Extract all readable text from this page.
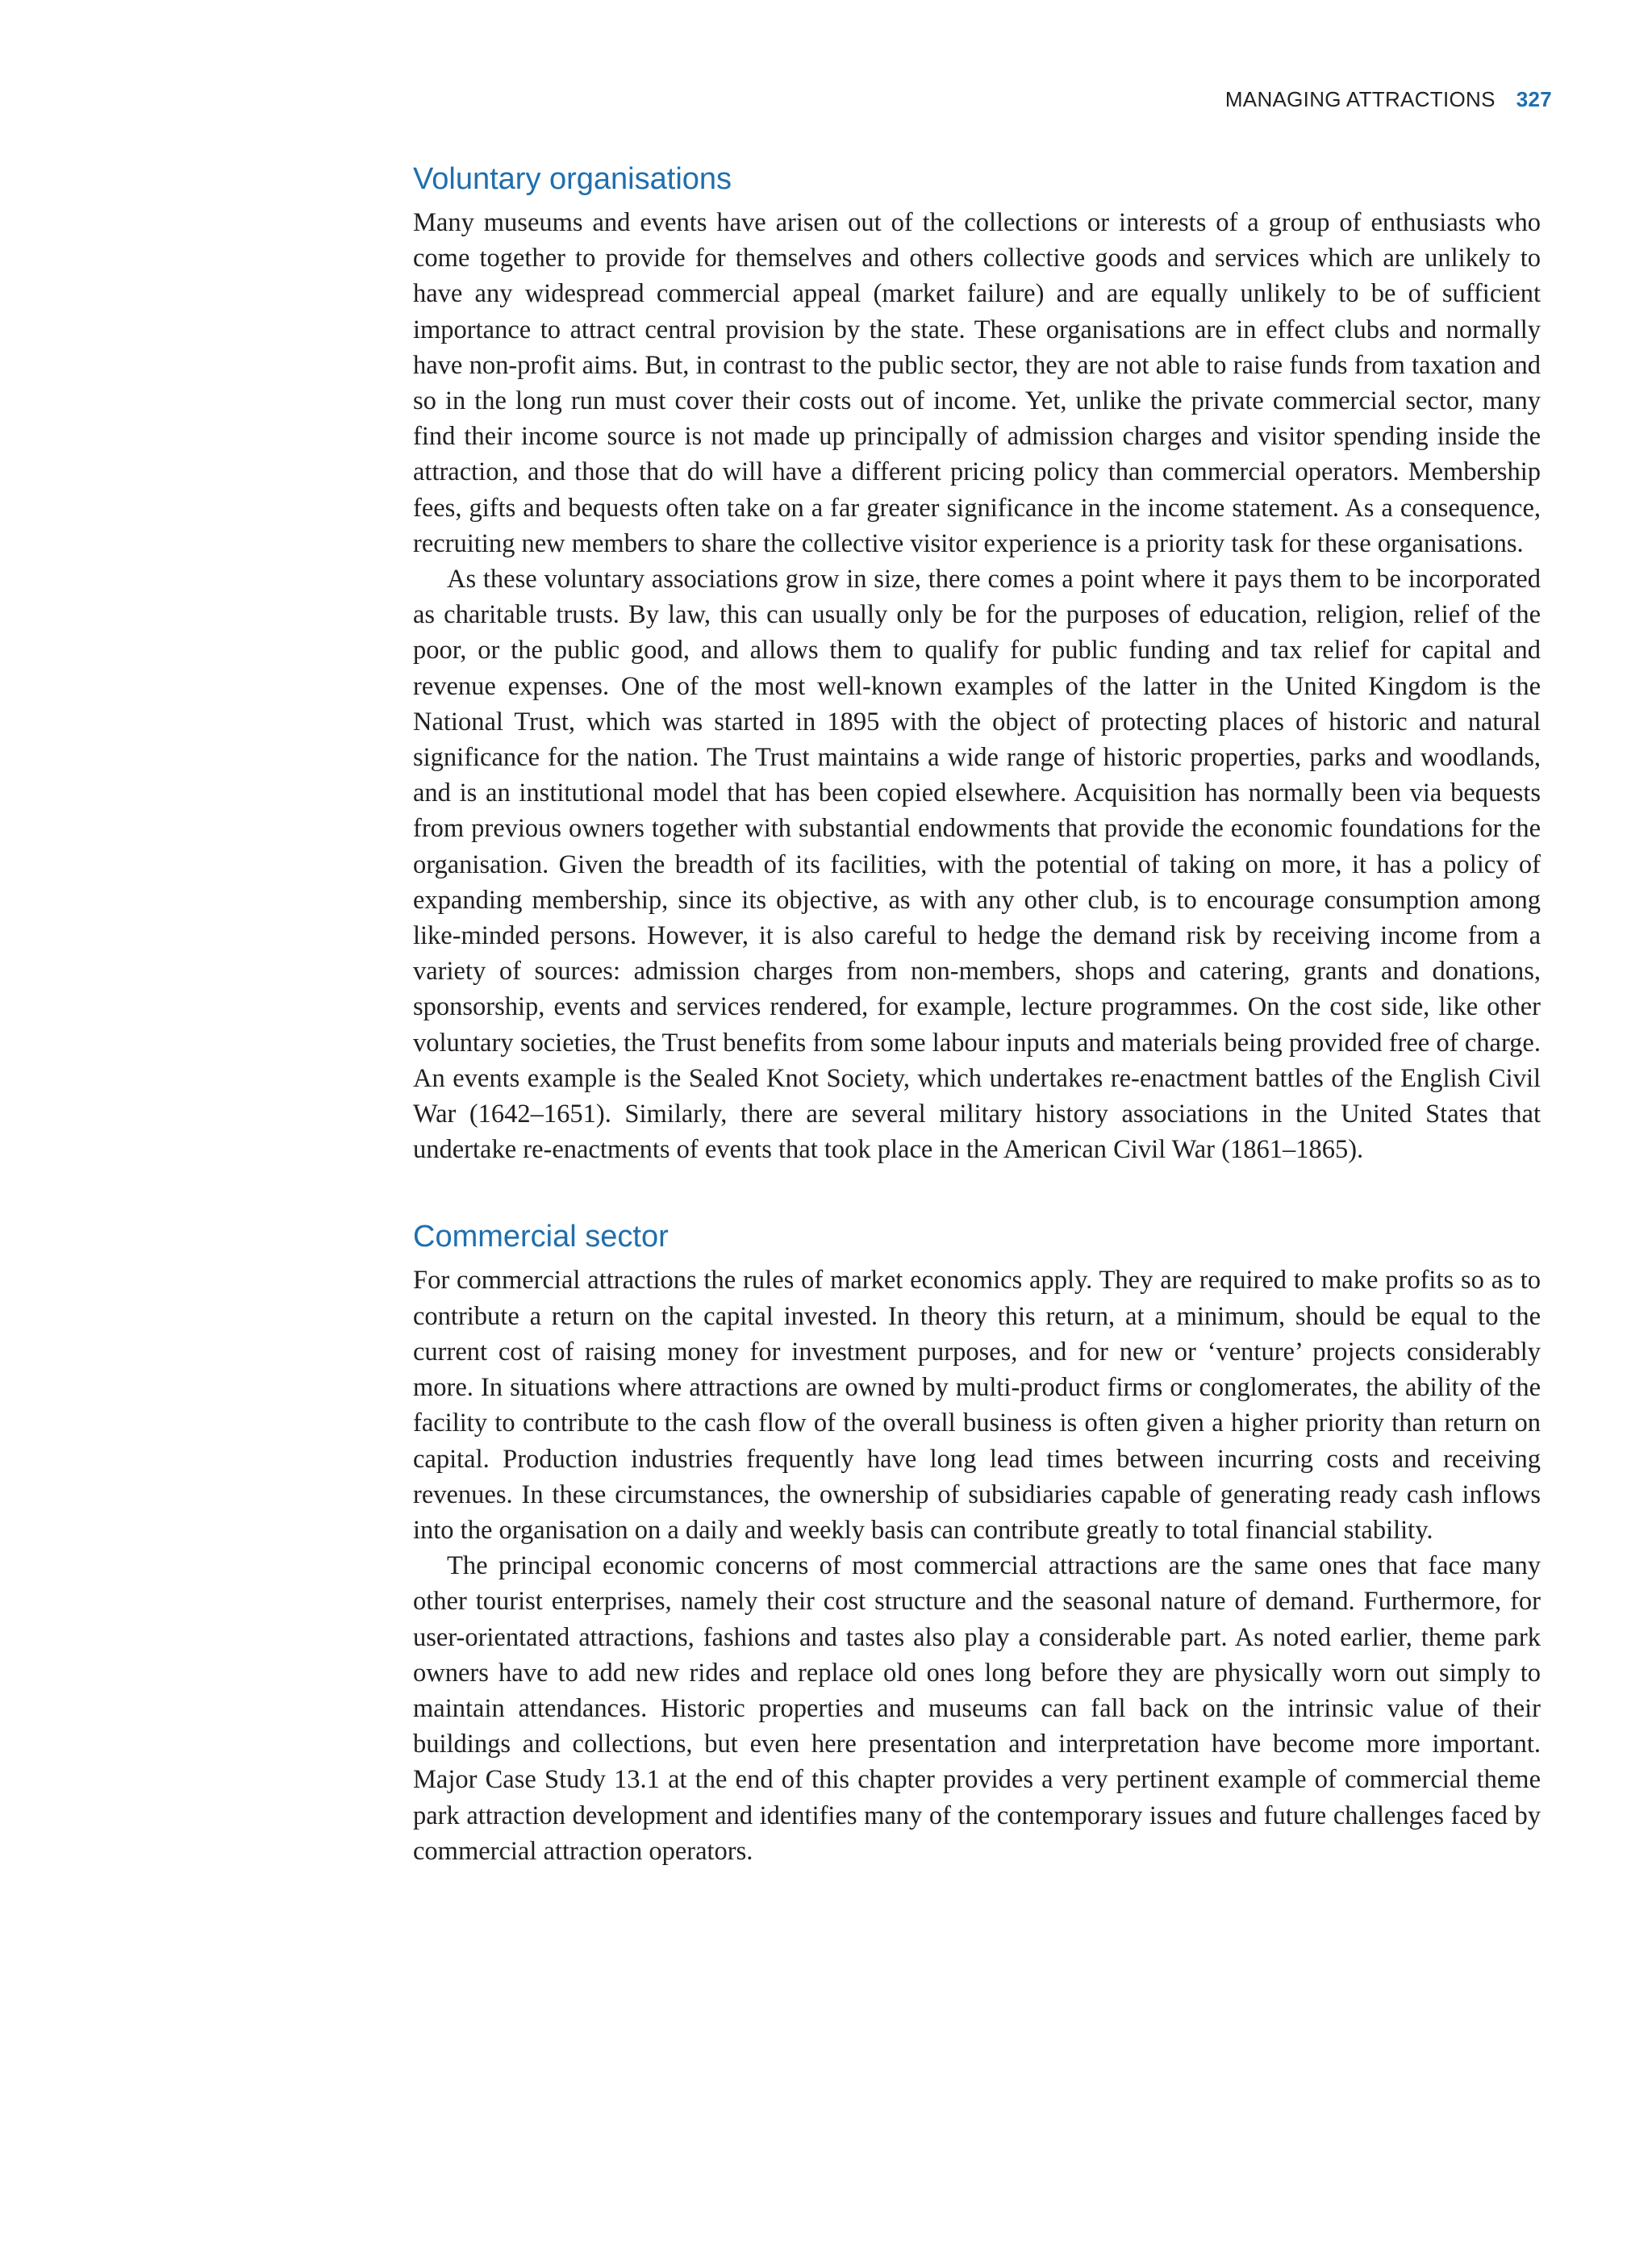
MANAGING ATTRACTIONS 327
Voluntary organisations

Many museums and events have arisen out of the collections or interests of a group of enthusiasts who come together to provide for themselves and others collective goods and services which are unlikely to have any widespread commercial appeal (market failure) and are equally unlikely to be of sufficient importance to attract central provision by the state. These organisations are in effect clubs and normally have non-profit aims. But, in contrast to the public sector, they are not able to raise funds from taxation and so in the long run must cover their costs out of income. Yet, unlike the private commercial sector, many find their income source is not made up principally of admission charges and visitor spending inside the attraction, and those that do will have a different pricing policy than commercial operators. Membership fees, gifts and bequests often take on a far greater significance in the income statement. As a consequence, recruiting new members to share the collective visitor experience is a priority task for these organisations.

As these voluntary associations grow in size, there comes a point where it pays them to be incorporated as charitable trusts. By law, this can usually only be for the purposes of education, religion, relief of the poor, or the public good, and allows them to qualify for public funding and tax relief for capital and revenue expenses. One of the most well-known examples of the latter in the United Kingdom is the National Trust, which was started in 1895 with the object of protecting places of historic and natural significance for the nation. The Trust maintains a wide range of historic properties, parks and woodlands, and is an institutional model that has been copied elsewhere. Acquisition has normally been via bequests from previous owners together with substantial endowments that provide the economic foundations for the organisation. Given the breadth of its facilities, with the potential of taking on more, it has a policy of expanding membership, since its objective, as with any other club, is to encourage consumption among like-minded persons. However, it is also careful to hedge the demand risk by receiving income from a variety of sources: admission charges from non-members, shops and catering, grants and donations, sponsorship, events and services rendered, for example, lecture programmes. On the cost side, like other voluntary societies, the Trust benefits from some labour inputs and materials being provided free of charge. An events example is the Sealed Knot Society, which undertakes re-enactment battles of the English Civil War (1642–1651). Similarly, there are several military history associations in the United States that undertake re-enactments of events that took place in the American Civil War (1861–1865).

Commercial sector

For commercial attractions the rules of market economics apply. They are required to make profits so as to contribute a return on the capital invested. In theory this return, at a minimum, should be equal to the current cost of raising money for investment purposes, and for new or ‘venture’ projects considerably more. In situations where attractions are owned by multi-product firms or conglomerates, the ability of the facility to contribute to the cash flow of the overall business is often given a higher priority than return on capital. Production industries frequently have long lead times between incurring costs and receiving revenues. In these circumstances, the ownership of subsidiaries capable of generating ready cash inflows into the organisation on a daily and weekly basis can contribute greatly to total financial stability.

The principal economic concerns of most commercial attractions are the same ones that face many other tourist enterprises, namely their cost structure and the seasonal nature of demand. Furthermore, for user-orientated attractions, fashions and tastes also play a considerable part. As noted earlier, theme park owners have to add new rides and replace old ones long before they are physically worn out simply to maintain attendances. Historic properties and museums can fall back on the intrinsic value of their buildings and collections, but even here presentation and interpretation have become more important. Major Case Study 13.1 at the end of this chapter provides a very pertinent example of commercial theme park attraction development and identifies many of the contemporary issues and future challenges faced by commercial attraction operators.
